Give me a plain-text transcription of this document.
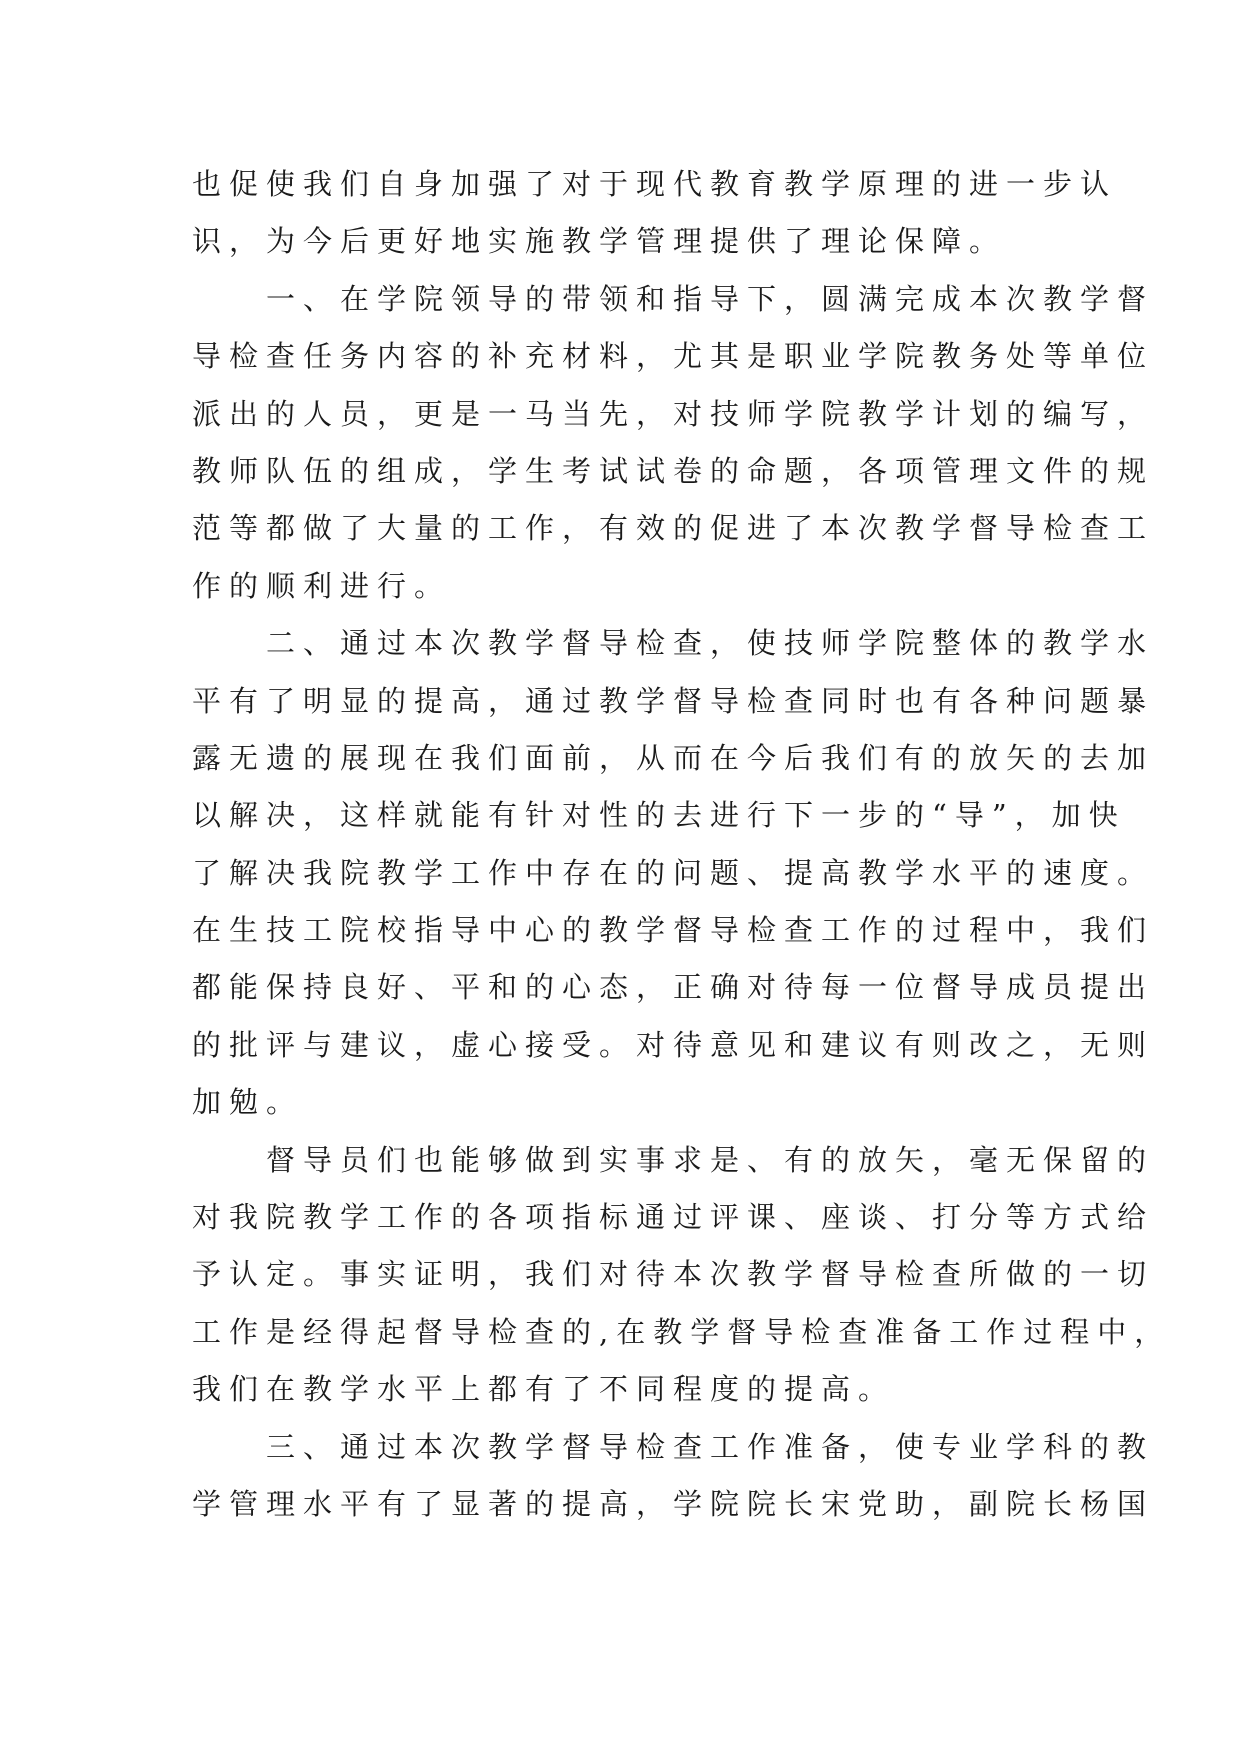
也促使我们自身加强了对于现代教育教学原理的进一步认
识，为今后更好地实施教学管理提供了理论保障。
　　一、在学院领导的带领和指导下，圆满完成本次教学督
导检查任务内容的补充材料，尤其是职业学院教务处等单位
派出的人员，更是一马当先，对技师学院教学计划的编写，
教师队伍的组成，学生考试试卷的命题，各项管理文件的规
范等都做了大量的工作，有效的促进了本次教学督导检查工
作的顺利进行。
　　二、通过本次教学督导检查，使技师学院整体的教学水
平有了明显的提高，通过教学督导检查同时也有各种问题暴
露无遗的展现在我们面前，从而在今后我们有的放矢的去加
以解决，这样就能有针对性的去进行下一步的“导”，加快
了解决我院教学工作中存在的问题、提高教学水平的速度。
在生技工院校指导中心的教学督导检查工作的过程中，我们
都能保持良好、平和的心态，正确对待每一位督导成员提出
的批评与建议，虚心接受。对待意见和建议有则改之，无则
加勉。
　　督导员们也能够做到实事求是、有的放矢，毫无保留的
对我院教学工作的各项指标通过评课、座谈、打分等方式给
予认定。事实证明，我们对待本次教学督导检查所做的一切
工作是经得起督导检查的,在教学督导检查准备工作过程中，
我们在教学水平上都有了不同程度的提高。
　　三、通过本次教学督导检查工作准备，使专业学科的教
学管理水平有了显著的提高，学院院长宋党助，副院长杨国
